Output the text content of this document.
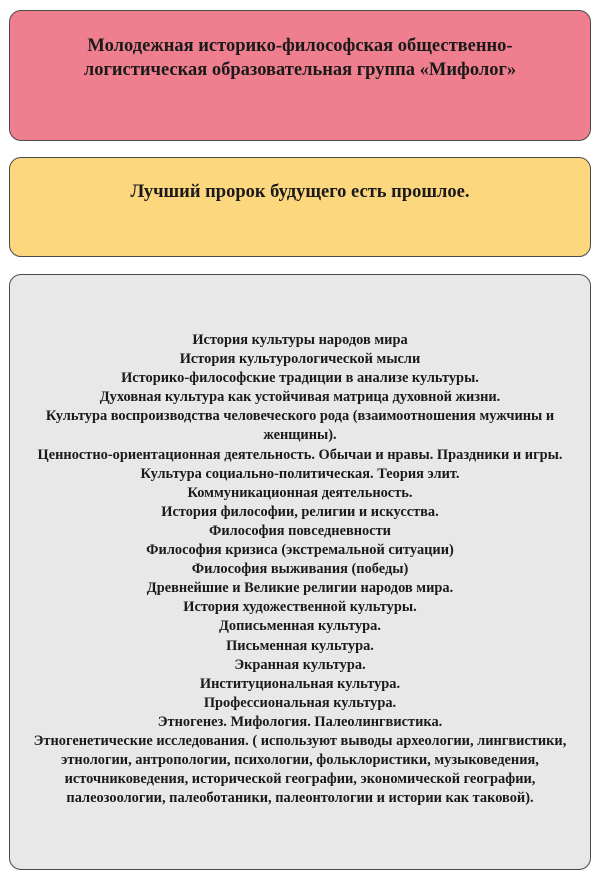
Молодежная историко-философская общественно-
логистическая образовательная группа «Мифолог»
Лучший пророк будущего есть прошлое.
История культуры народов мира
История культурологической мысли
Историко-философские традиции в анализе культуры.
Духовная культура как устойчивая матрица духовной жизни.
Культура воспроизводства человеческого рода (взаимоотношения мужчины и женщины).
Ценностно-ориентационная деятельность. Обычаи и нравы. Праздники и игры.
Культура социально-политическая. Теория элит.
Коммуникационная деятельность.
История философии, религии и искусства.
Философия повседневности
Философия кризиса (экстремальной ситуации)
Философия выживания (победы)
Древнейшие и Великие религии народов мира.
История художественной культуры.
Дописьменная культура.
Письменная культура.
Экранная культура.
Институциональная культура.
Профессиональная культура.
Этногенез. Мифология. Палеолингвистика.
Этногенетические исследования. ( используют выводы археологии, лингвистики, этнологии, антропологии, психологии, фольклористики, музыковедения, источниковедения, исторической географии, экономической географии, палеозоологии, палеоботаники, палеонтологии и истории как таковой).
